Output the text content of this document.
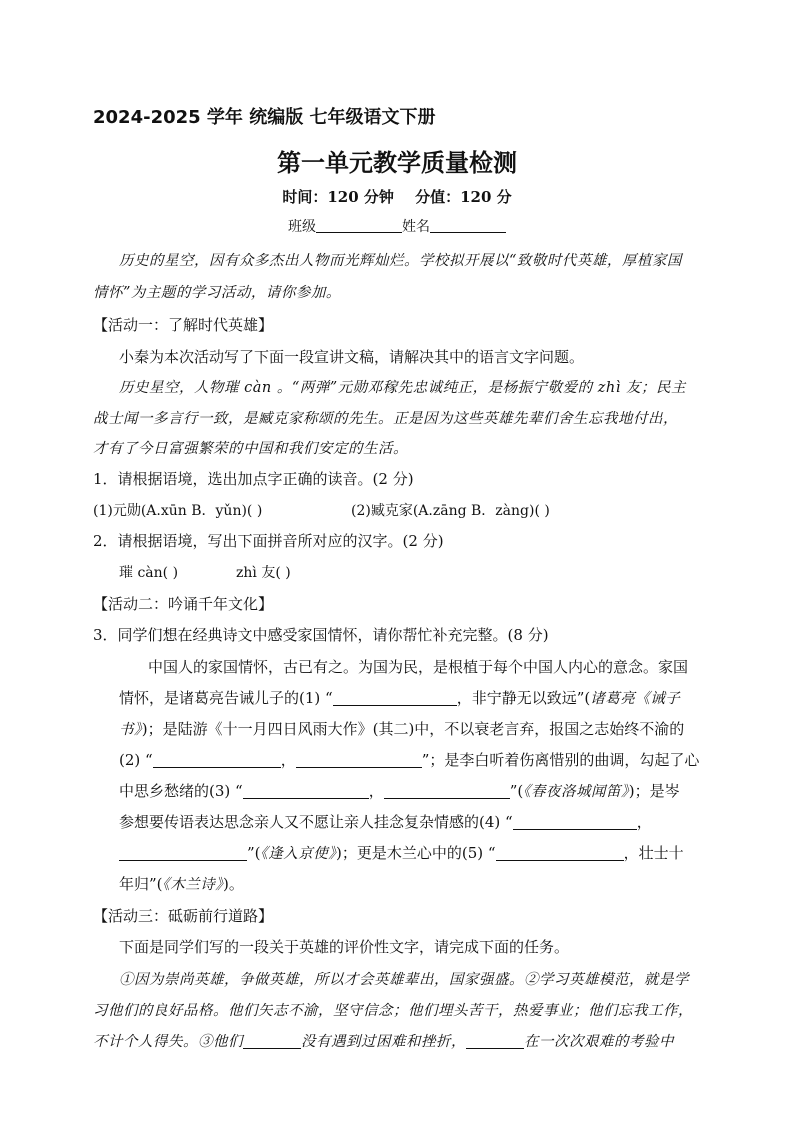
2024-2025 学年 统编版 七年级语文下册
第一单元教学质量检测
时间：120 分钟 分值：120 分
班级	姓名
历史的星空，因有众多杰出人物而光辉灿烂。学校拟开展以“致敬时代英雄，厚植家国
情怀”为主题的学习活动，请你参加。
【活动一：了解时代英雄】
小秦为本次活动写了下面一段宣讲文稿，请解决其中的语言文字问题。
历史星空，人物璀 càn 。“两弹”元勋邓稼先忠诚纯正，是杨振宁敬爱的 zhì 友；民主
战士闻一多言行一致，是臧克家称颂的先生。正是因为这些英雄先辈们舍生忘我地付出，
才有了今日富强繁荣的中国和我们安定的生活。
1．请根据语境，选出加点字正确的读音。(2 分)
(1)元勋(A.xūn B．yǔn)( )	(2)臧克家(A.zāng B．zàng)( )
2．请根据语境，写出下面拼音所对应的汉字。(2 分)
璀 càn( )	zhì 友( )
【活动二：吟诵千年文化】
3．同学们想在经典诗文中感受家国情怀，请你帮忙补充完整。(8 分)
中国人的家国情怀，古已有之。为国为民，是根植于每个中国人内心的意念。家国
情怀，是诸葛亮告诫儿子的(1) “	，非宁静无以致远”(诸葛亮《诫子
书》)；是陆游《十一月四日风雨大作》(其二)中，不以衰老言弃，报国之志始终不渝的
(2) “	，	”；是李白听着伤离惜别的曲调，勾起了心
中思乡愁绪的(3) “	，	”(《春夜洛城闻笛》)；是岑
参想要传语表达思念亲人又不愿让亲人挂念复杂情感的(4) “	，
”(《逢入京使》)；更是木兰心中的(5) “	，壮士十
年归”(《木兰诗》)。
【活动三：砥砺前行道路】
下面是同学们写的一段关于英雄的评价性文字，请完成下面的任务。
①因为崇尚英雄，争做英雄，所以才会英雄辈出，国家强盛。②学习英雄模范，就是学
习他们的良好品格。他们矢志不渝，坚守信念；他们埋头苦干，热爱事业；他们忘我工作，
不计个人得失。③他们	没有遇到过困难和挫折，	在一次次艰难的考验中
